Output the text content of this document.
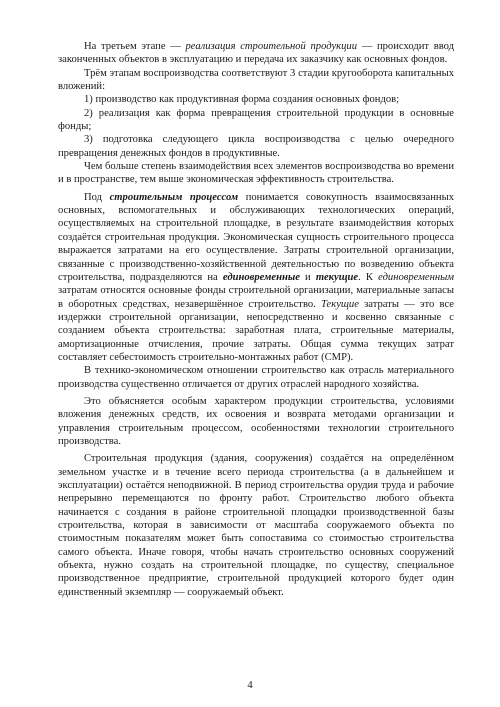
На третьем этапе — реализация строительной продукции — происходит ввод законченных объектов в эксплуатацию и передача их заказчику как основных фондов.

Трём этапам воспроизводства соответствуют 3 стадии кругооборота капитальных вложений:

1) производство как продуктивная форма создания основных фондов;

2) реализация как форма превращения строительной продукции в основные фонды;

3) подготовка следующего цикла воспроизводства с целью очередного превращения денежных фондов в продуктивные.

Чем больше степень взаимодействия всех элементов воспроизводства во времени и в пространстве, тем выше экономическая эффективность строительства.

Под строительным процессом понимается совокупность взаимосвязанных основных, вспомогательных и обслуживающих технологических операций, осуществляемых на строительной площадке, в результате взаимодействия которых создаётся строительная продукция. Экономическая сущность строительного процесса выражается затратами на его осуществление. Затраты строительной организации, связанные с производственно-хозяйственной деятельностью по возведению объекта строительства, подразделяются на единовременные и текущие. К единовременным затратам относятся основные фонды строительной организации, материальные запасы в оборотных средствах, незавершённое строительство. Текущие затраты — это все издержки строительной организации, непосредственно и косвенно связанные с созданием объекта строительства: заработная плата, строительные материалы, амортизационные отчисления, прочие затраты. Общая сумма текущих затрат составляет себестоимость строительно-монтажных работ (СМР).

В технико-экономическом отношении строительство как отрасль материального производства существенно отличается от других отраслей народного хозяйства.

Это объясняется особым характером продукции строительства, условиями вложения денежных средств, их освоения и возврата методами организации и управления строительным процессом, особенностями технологии строительного производства.

Строительная продукция (здания, сооружения) создаётся на определённом земельном участке и в течение всего периода строительства (а в дальнейшем и эксплуатации) остаётся неподвижной. В период строительства орудия труда и рабочие непрерывно перемещаются по фронту работ. Строительство любого объекта начинается с создания в районе строительной площадки производственной базы строительства, которая в зависимости от масштаба сооружаемого объекта по стоимостным показателям может быть сопоставима со стоимостью строительства самого объекта. Иначе говоря, чтобы начать строительство основных сооружений объекта, нужно создать на строительной площадке, по существу, специальное производственное предприятие, строительной продукцией которого будет один единственный экземпляр — сооружаемый объект.

4
